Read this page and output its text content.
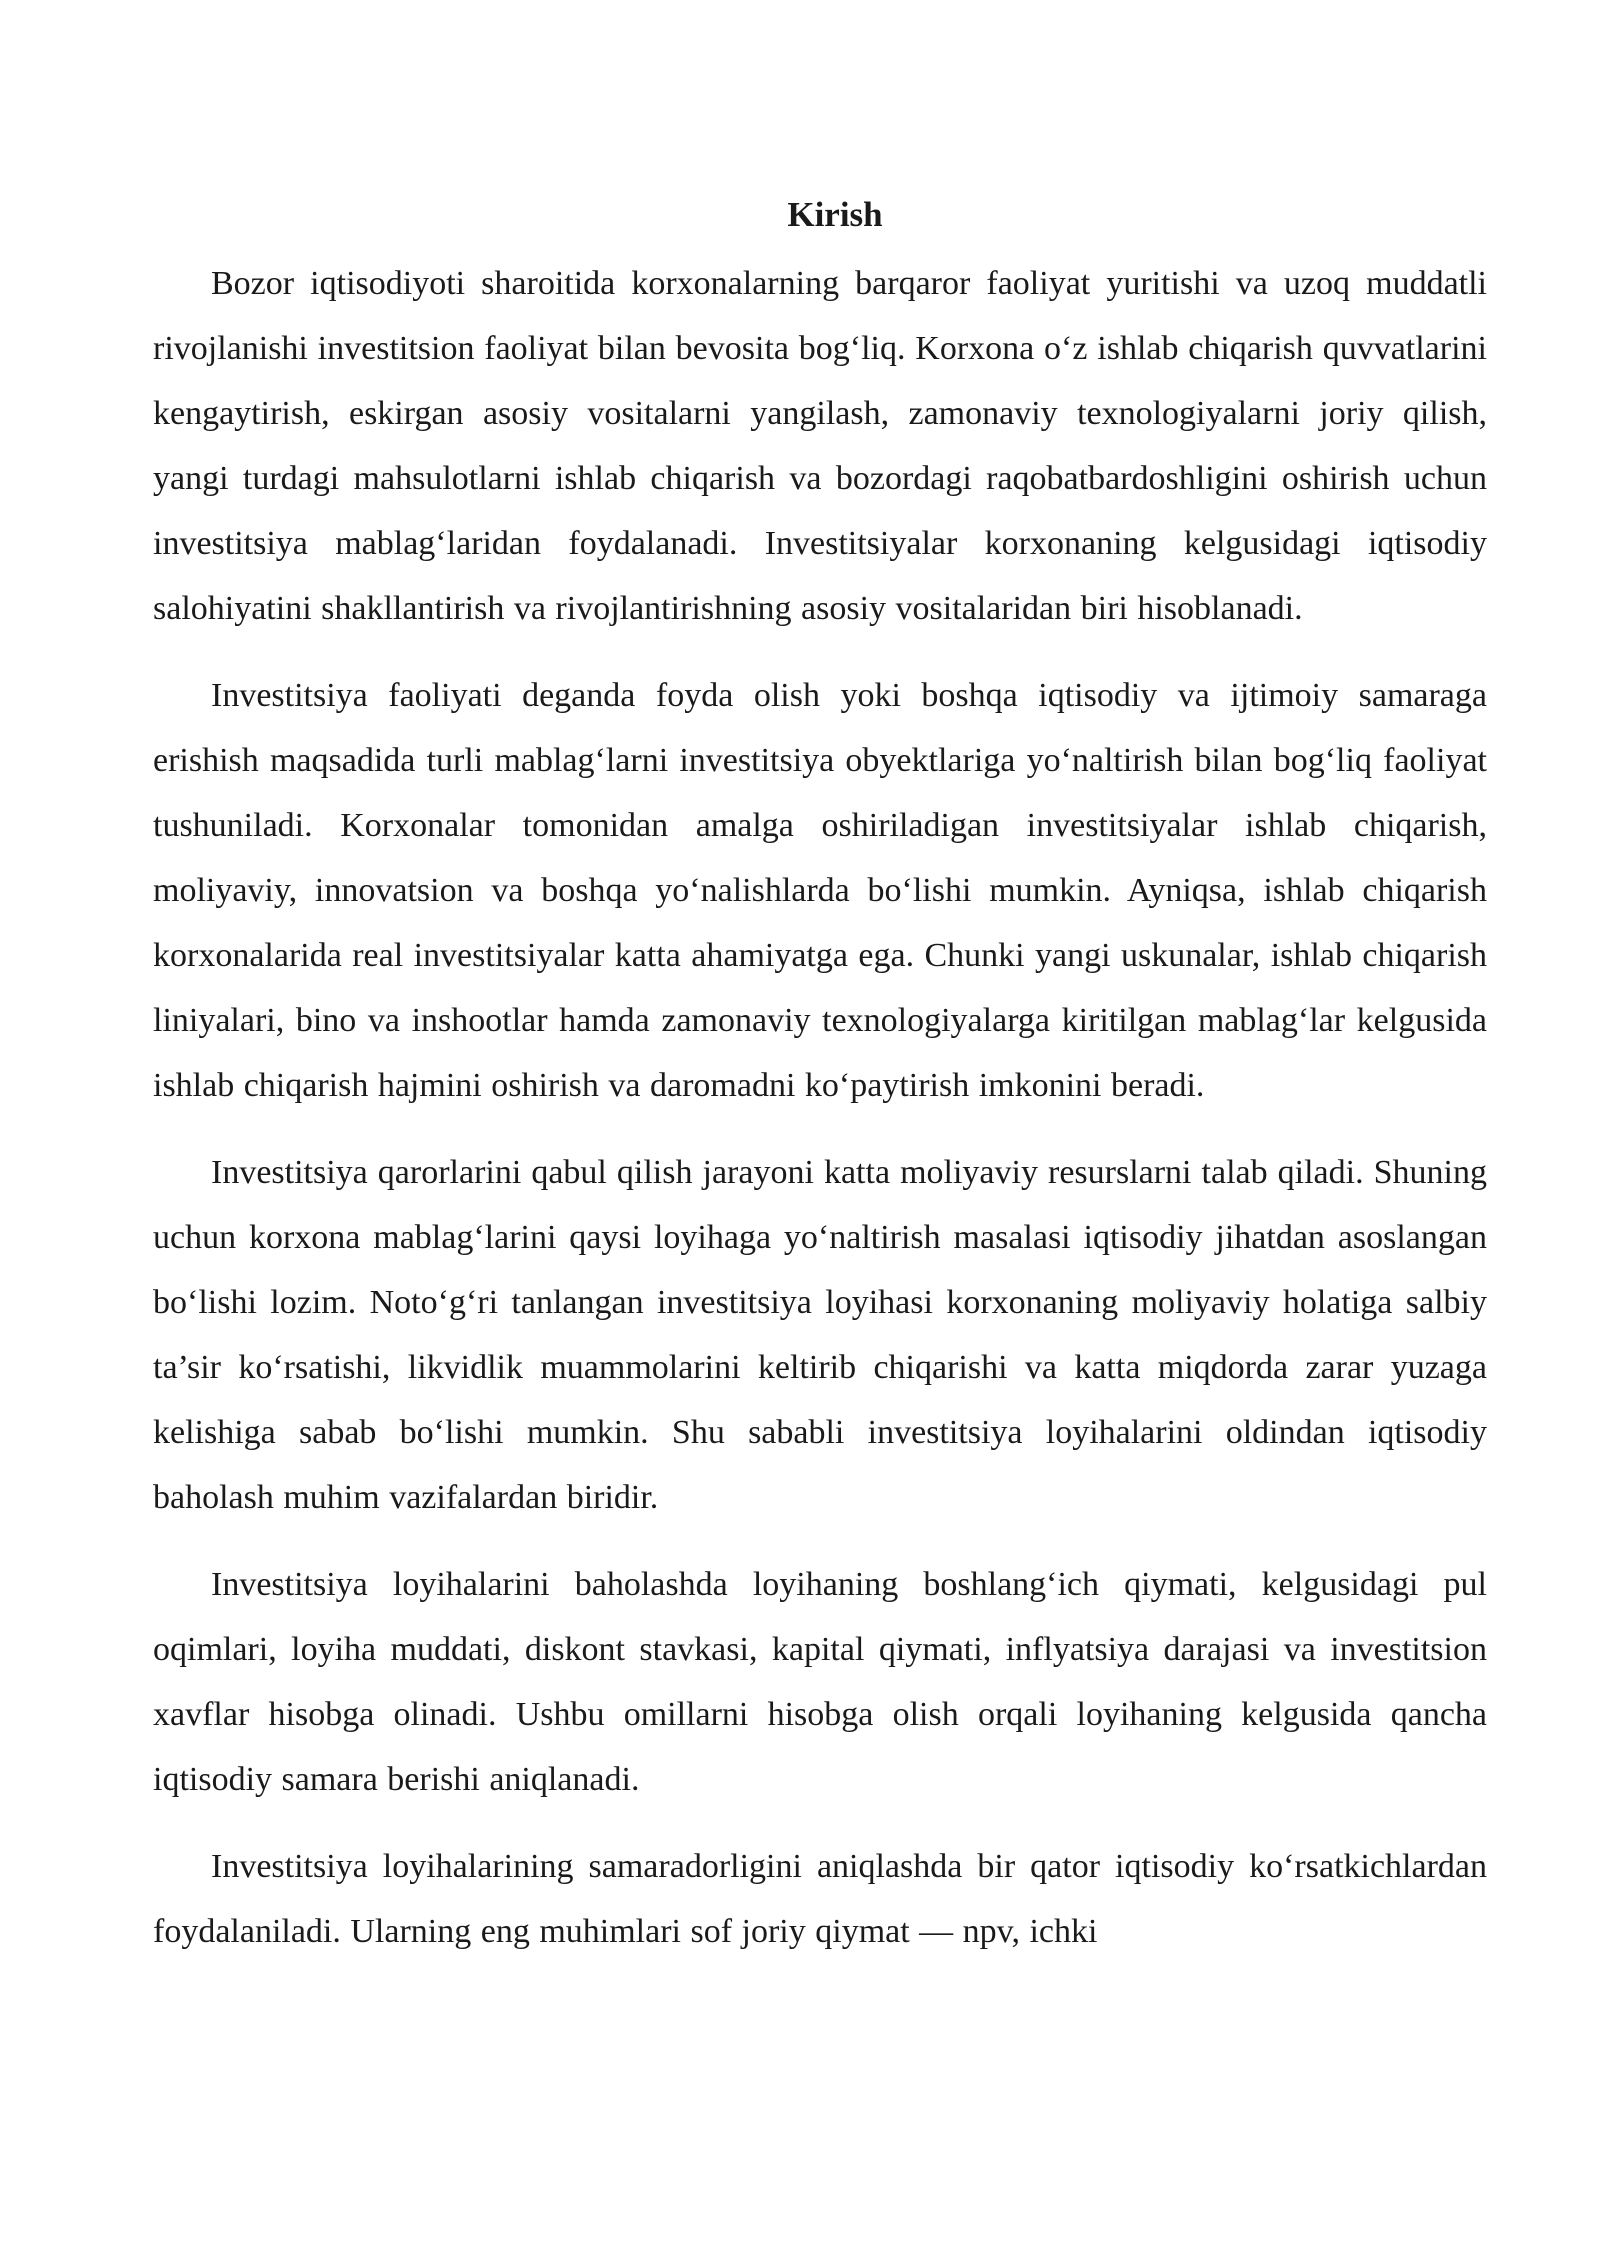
Kirish

Bozor iqtisodiyoti sharoitida korxonalarning barqaror faoliyat yuritishi va uzoq muddatli rivojlanishi investitsion faoliyat bilan bevosita bog‘liq. Korxona o‘z ishlab chiqarish quvvatlarini kengaytirish, eskirgan asosiy vositalarni yangilash, zamonaviy texnologiyalarni joriy qilish, yangi turdagi mahsulotlarni ishlab chiqarish va bozordagi raqobatbardoshligini oshirish uchun investitsiya mablag‘laridan foydalanadi. Investitsiyalar korxonaning kelgusidagi iqtisodiy salohiyatini shakllantirish va rivojlantirishning asosiy vositalaridan biri hisoblanadi.

Investitsiya faoliyati deganda foyda olish yoki boshqa iqtisodiy va ijtimoiy samaraga erishish maqsadida turli mablag‘larni investitsiya obyektlariga yo‘naltirish bilan bog‘liq faoliyat tushuniladi. Korxonalar tomonidan amalga oshiriladigan investitsiyalar ishlab chiqarish, moliyaviy, innovatsion va boshqa yo‘nalishlarda bo‘lishi mumkin. Ayniqsa, ishlab chiqarish korxonalarida real investitsiyalar katta ahamiyatga ega. Chunki yangi uskunalar, ishlab chiqarish liniyalari, bino va inshootlar hamda zamonaviy texnologiyalarga kiritilgan mablag‘lar kelgusida ishlab chiqarish hajmini oshirish va daromadni ko‘paytirish imkonini beradi.

Investitsiya qarorlarini qabul qilish jarayoni katta moliyaviy resurslarni talab qiladi. Shuning uchun korxona mablag‘larini qaysi loyihaga yo‘naltirish masalasi iqtisodiy jihatdan asoslangan bo‘lishi lozim. Noto‘g‘ri tanlangan investitsiya loyihasi korxonaning moliyaviy holatiga salbiy ta’sir ko‘rsatishi, likvidlik muammolarini keltirib chiqarishi va katta miqdorda zarar yuzaga kelishiga sabab bo‘lishi mumkin. Shu sababli investitsiya loyihalarini oldindan iqtisodiy baholash muhim vazifalardan biridir.

Investitsiya loyihalarini baholashda loyihaning boshlang‘ich qiymati, kelgusidagi pul oqimlari, loyiha muddati, diskont stavkasi, kapital qiymati, inflyatsiya darajasi va investitsion xavflar hisobga olinadi. Ushbu omillarni hisobga olish orqali loyihaning kelgusida qancha iqtisodiy samara berishi aniqlanadi.

Investitsiya loyihalarining samaradorligini aniqlashda bir qator iqtisodiy ko‘rsatkichlardan foydalaniladi. Ularning eng muhimlari sof joriy qiymat — npv, ichki
